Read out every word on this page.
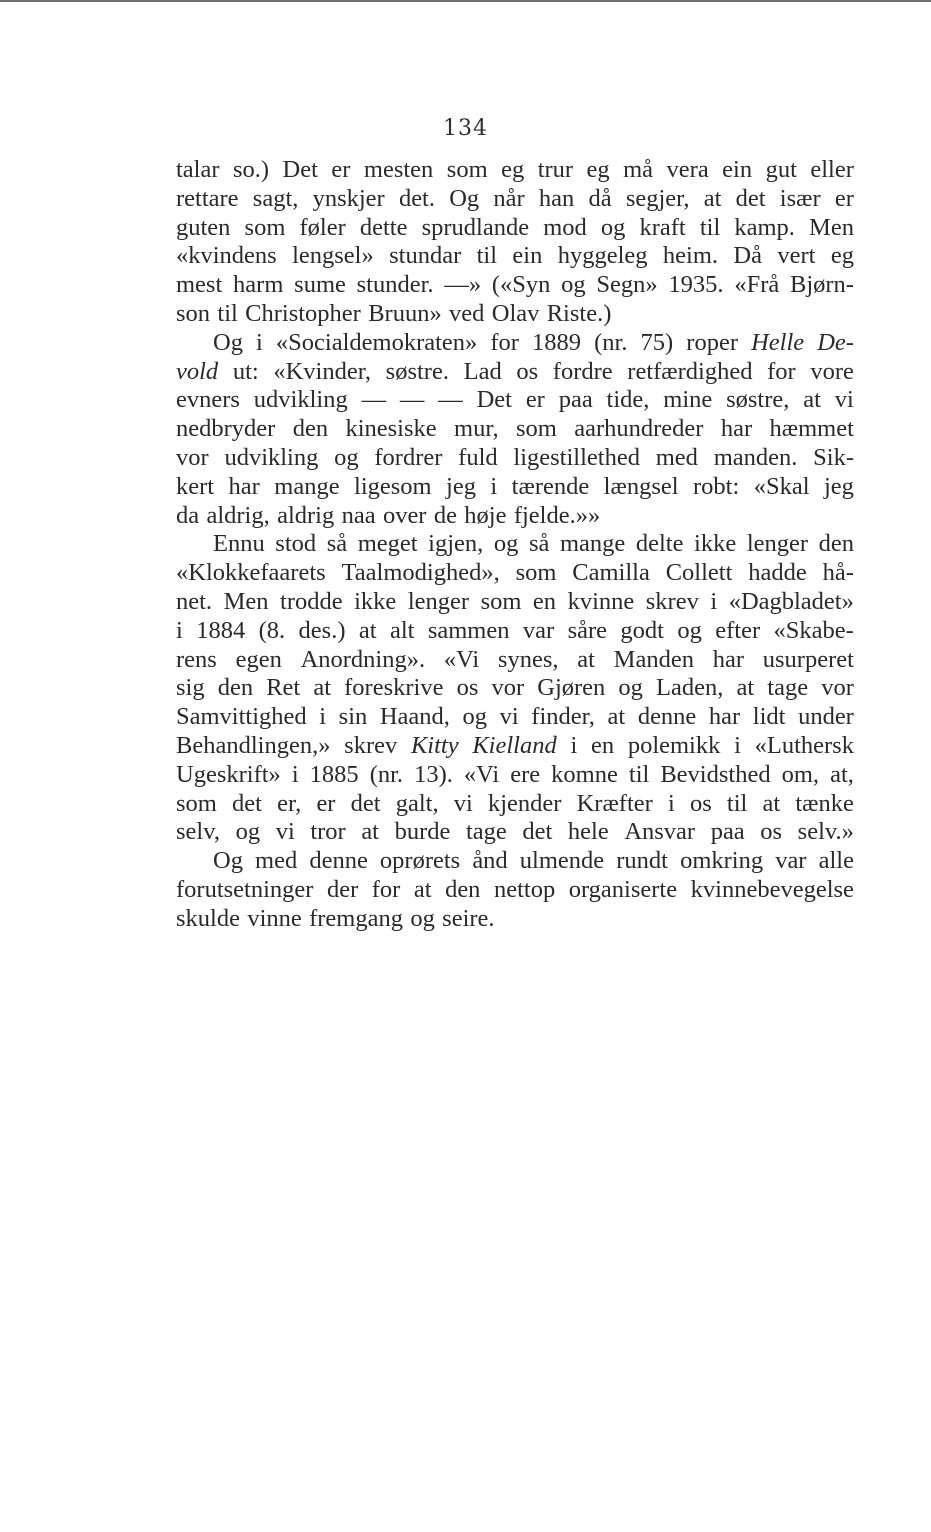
134
talar so.) Det er mesten som eg trur eg må vera ein gut eller
rettare sagt, ynskjer det. Og når han då segjer, at det især er
guten som føler dette sprudlande mod og kraft til kamp. Men
«kvindens lengsel» stundar til ein hyggeleg heim. Då vert eg
mest harm sume stunder. —» («Syn og Segn» 1935. «Frå Bjørn-
son til Christopher Bruun» ved Olav Riste.)
Og i «Socialdemokraten» for 1889 (nr. 75) roper Helle De-
vold ut: «Kvinder, søstre. Lad os fordre retfærdighed for vore
evners udvikling — — — Det er paa tide, mine søstre, at vi
nedbryder den kinesiske mur, som aarhundreder har hæmmet
vor udvikling og fordrer fuld ligestillethed med manden. Sik-
kert har mange ligesom jeg i tærende længsel robt: «Skal jeg
da aldrig, aldrig naa over de høje fjelde.»»
Ennu stod så meget igjen, og så mange delte ikke lenger den
«Klokkefaarets Taalmodighed», som Camilla Collett hadde hå-
net. Men trodde ikke lenger som en kvinne skrev i «Dagbladet»
i 1884 (8. des.) at alt sammen var såre godt og efter «Skabe-
rens egen Anordning». «Vi synes, at Manden har usurperet
sig den Ret at foreskrive os vor Gjøren og Laden, at tage vor
Samvittighed i sin Haand, og vi finder, at denne har lidt under
Behandlingen,» skrev Kitty Kielland i en polemikk i «Luthersk
Ugeskrift» i 1885 (nr. 13). «Vi ere komne til Bevidsthed om, at,
som det er, er det galt, vi kjender Kræfter i os til at tænke
selv, og vi tror at burde tage det hele Ansvar paa os selv.»
Og med denne oprørets ånd ulmende rundt omkring var alle
forutsetninger der for at den nettop organiserte kvinnebevegelse
skulde vinne fremgang og seire.
